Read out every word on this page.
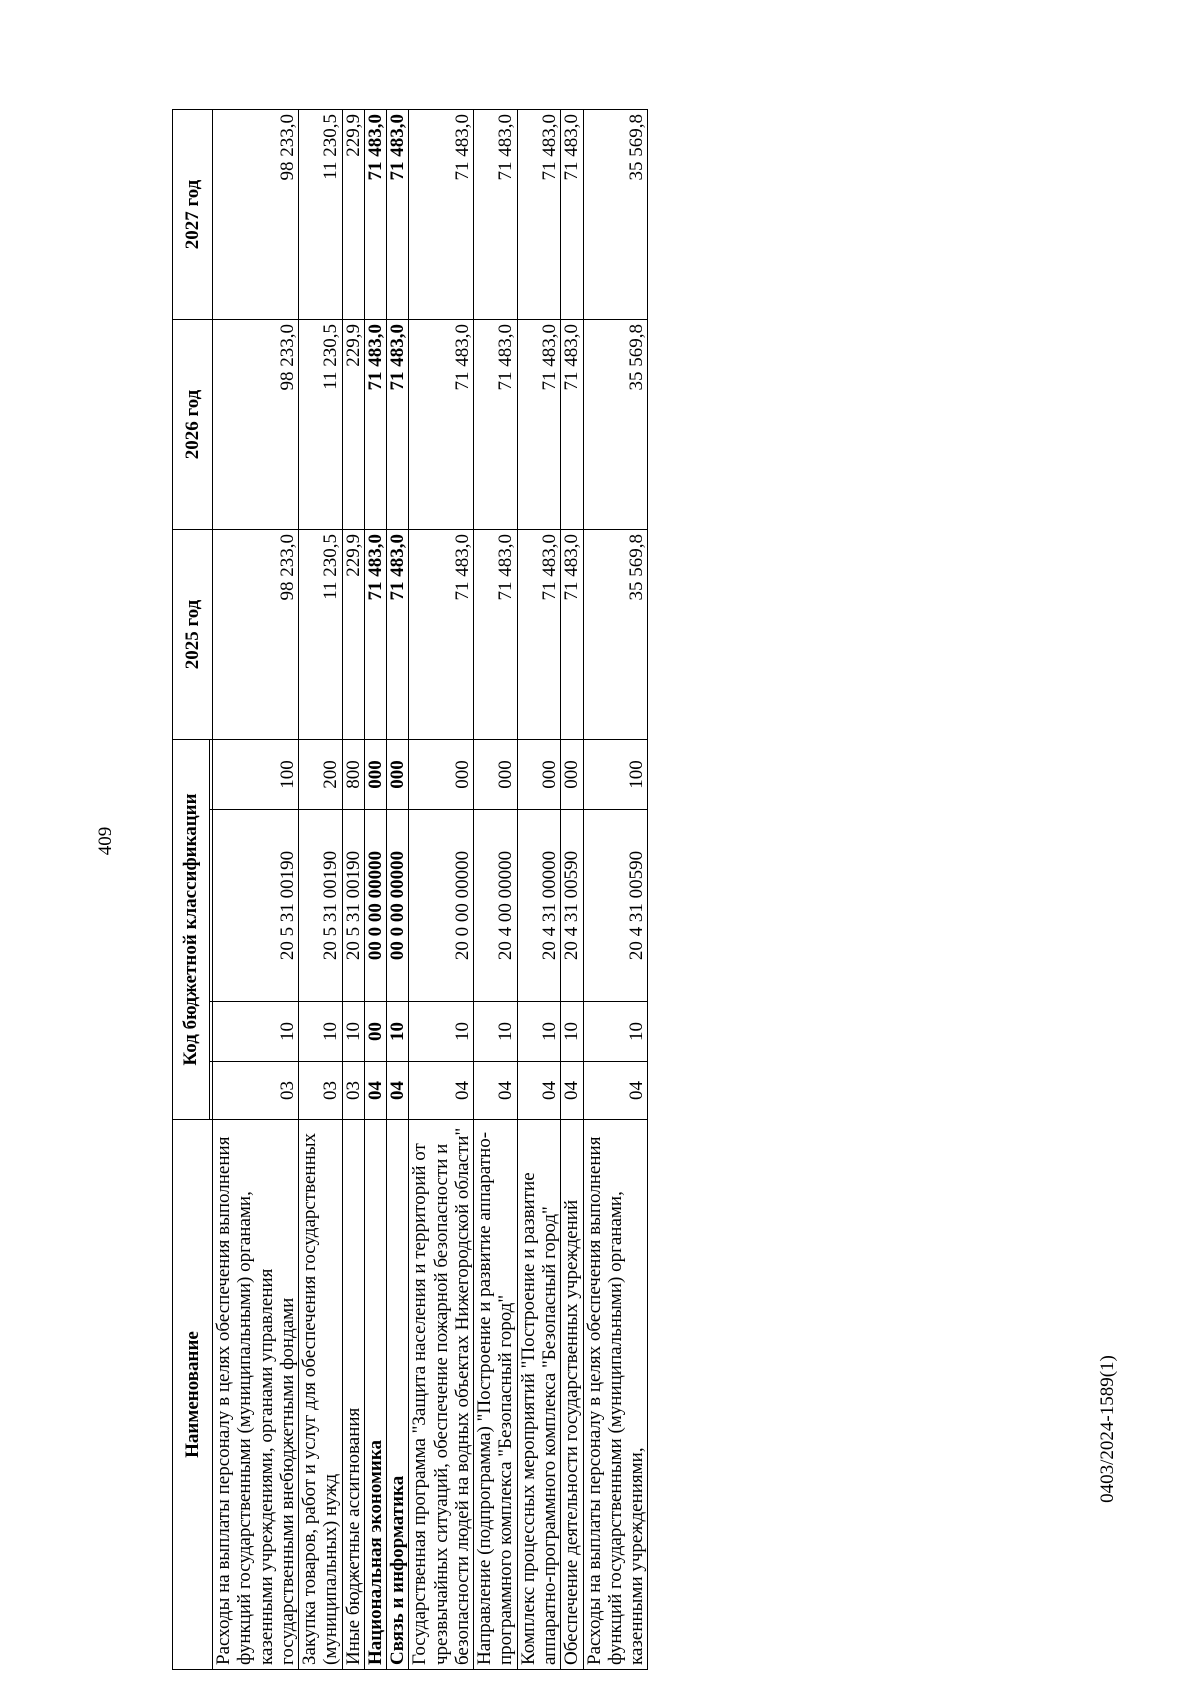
409
0403/2024-1589(1)
Наименование	Код бюджетной классификации				2025 год	2026 год	2027 год

Расходы на выплаты персоналу в целях обеспечения выполнения функций государственными (муниципальными) органами, казенными учреждениями, органами управления государственными внебюджетными фондами	03	10	20 5 31 00190	100	98 233,0	98 233,0	98 233,0
Закупка товаров, работ и услуг для обеспечения государственных (муниципальных) нужд	03	10	20 5 31 00190	200	11 230,5	11 230,5	11 230,5
Иные бюджетные ассигнования	03	10	20 5 31 00190	800	229,9	229,9	229,9
Национальная экономика	04	00	00 0 00 00000	000	71 483,0	71 483,0	71 483,0
Связь и информатика	04	10	00 0 00 00000	000	71 483,0	71 483,0	71 483,0
Государственная программа "Защита населения и территорий от чрезвычайных ситуаций, обеспечение пожарной безопасности и безопасности людей на водных объектах Нижегородской области"	04	10	20 0 00 00000	000	71 483,0	71 483,0	71 483,0
Направление (подпрограмма) "Построение и развитие аппаратно-программного комплекса "Безопасный город"	04	10	20 4 00 00000	000	71 483,0	71 483,0	71 483,0
Комплекс процессных мероприятий "Построение и развитие аппаратно-программного комплекса "Безопасный город"	04	10	20 4 31 00000	000	71 483,0	71 483,0	71 483,0
Обеспечение деятельности государственных учреждений	04	10	20 4 31 00590	000	71 483,0	71 483,0	71 483,0
Расходы на выплаты персоналу в целях обеспечения выполнения функций государственными (муниципальными) органами, казенными учреждениями,	04	10	20 4 31 00590	100	35 569,8	35 569,8	35 569,8
